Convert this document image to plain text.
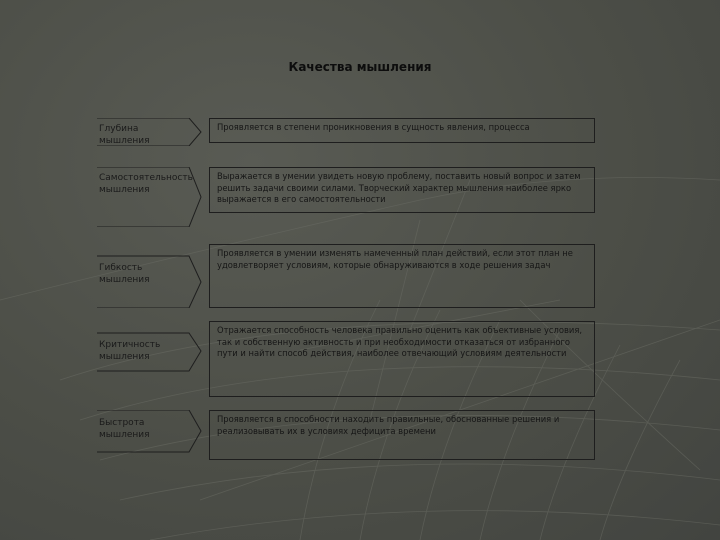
Качества мышления
Глубина мышления
Проявляется в степени проникновения в сущность явления, процесса
Самостоятельность мышления
Выражается в умении увидеть новую проблему, поставить новый вопрос и затем решить задачи своими силами. Творческий характер мышления наиболее ярко выражается в его самостоятельности
Гибкость мышления
Проявляется в умении изменять намеченный план действий, если этот план не удовлетворяет условиям, которые обнаруживаются в ходе решения задач
Критичность мышления
Отражается способность человека правильно оценить как объективные условия, так и собственную активность и при необходимости отказаться от избранного пути и найти способ действия, наиболее отвечающий условиям деятельности
Быстрота мышления
Проявляется в способности находить правильные, обоснованные решения и реализовывать их в условиях дефицита времени
